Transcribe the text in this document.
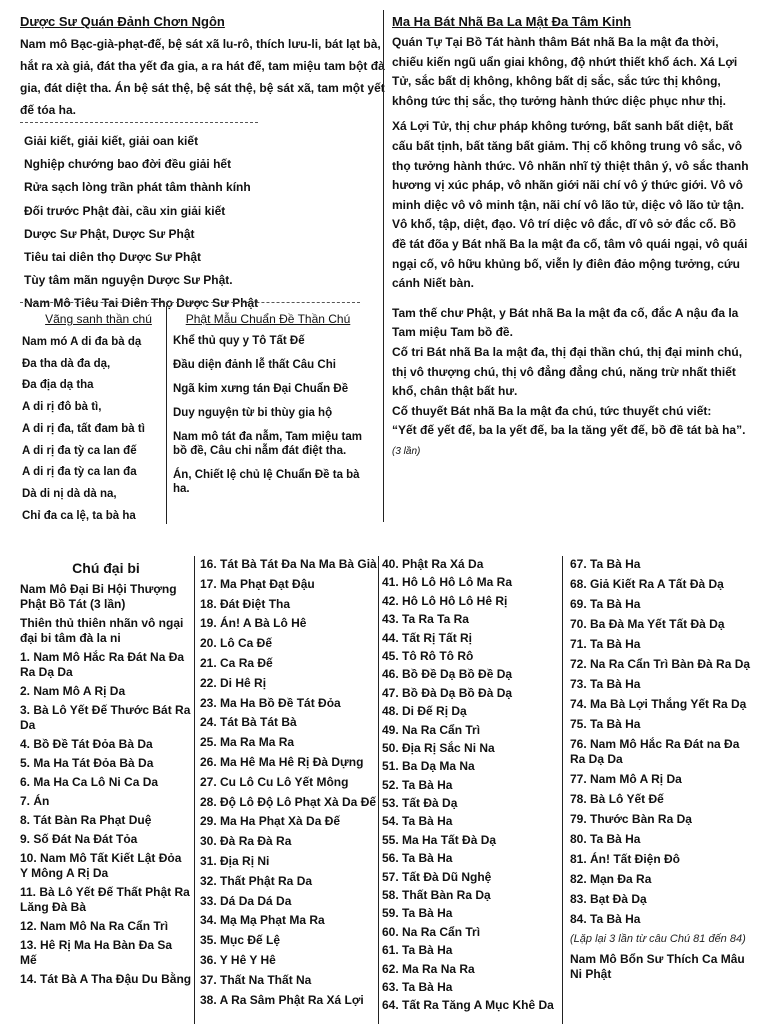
Dược Sư Quán Đảnh Chơn Ngôn
Nam mô Bạc-già-phạt-đế, bệ sát xã lu-rô, thích lưu-li, bát lạt bà, hắt ra xà giả, đát tha yết đa gia, a ra hát đế, tam miệu tam bột đà gia, đát diệt tha. Án bệ sát thệ, bệ sát thệ, bệ sát xã, tam một yết đế tóa ha.
Giải kiết, giải kiết, giải oan kiết
Nghiệp chướng bao đời đều giải hết
Rửa sạch lòng trần phát tâm thành kính
Đối trước Phật đài, cầu xin giải kiết
Dược Sư Phật, Dược Sư Phật
Tiêu tai diên thọ Dược Sư Phật
Tùy tâm mãn nguyện Dược Sư Phật.
Nam Mô Tiêu Tai Diên Thọ Dược Sư Phật
Vãng sanh thần chú	Phật Mẫu Chuẩn Đề Thần Chú
Nam mó A di đa bà dạ
Đa tha dà đa dạ,
Đa địa dạ tha
A di rị đô bà tì,
A di rị đa, tất đam bà tì
A di rị đa tỳ ca lan đế
A di rị đa tỳ ca lan đa
Dà di nị dà dà na,
Chỉ đa ca lệ, ta bà ha
Khể thủ quy y Tô Tất Đế
Đầu diện đảnh lễ thất Câu Chi
Ngã kim xưng tán Đại Chuẩn Đề
Duy nguyện từ bi thùy gia hộ
Nam mô tát đa nẫm, Tam miệu tam bồ đề, Câu chi nẫm đát điệt tha.
Án, Chiết lệ chủ lệ Chuẩn Đề ta bà ha.
Ma Ha Bát Nhã Ba La Mật Đa Tâm Kinh

Quán Tự Tại Bồ Tát hành thâm Bát nhã Ba la mật đa thời, chiếu kiến ngũ uẩn giai không, độ nhứt thiết khổ ách. Xá Lợi Tử, sắc bất dị không, không bất dị sắc, sắc tức thị không, không tức thị sắc, thọ tưởng hành thức diệc phục như thị.

Xá Lợi Tử, thị chư pháp không tướng, bất sanh bất diệt, bất cấu bất tịnh, bất tăng bất giảm. Thị cố không trung vô sắc, vô thọ tưởng hành thức. Vô nhãn nhĩ tỷ thiệt thân ý, vô sắc thanh hương vị xúc pháp, vô nhãn giới nãi chí vô ý thức giới. Vô vô minh diệc vô vô minh tận, nãi chí vô lão tử, diệc vô lão tử tận. Vô khổ, tập, diệt, đạo. Vô trí diệc vô đắc, dĩ vô sở đắc cố. Bồ đề tát đõa y Bát nhã Ba la mật đa cố, tâm vô quái ngại, vô quái ngại cố, vô hữu khủng bố, viễn ly điên đảo mộng tưởng, cứu cánh Niết bàn.

Tam thế chư Phật, y Bát nhã Ba la mật đa cố, đắc A nậu đa la Tam miệu Tam bồ đề.

Cố tri Bát nhã Ba la mật đa, thị đại thần chú, thị đại minh chú, thị vô thượng chú, thị vô đẳng đẳng chú, năng trừ nhất thiết khổ, chân thật bất hư.

Cố thuyết Bát nhã Ba la mật đa chú, tức thuyết chú viết:

“Yết đế yết đế, ba la yết đế, ba la tăng yết đế, bồ đề tát bà ha”. (3 lần)

Chú đại bi
Nam Mô Đại Bi Hội Thượng Phật Bồ Tát (3 lần)
Thiên thủ thiên nhãn vô ngại đại bi tâm đà la ni
1. Nam Mô Hắc Ra Đát Na Đa Ra Dạ Da
2. Nam Mô A Rị Da
3. Bà Lô Yết Đế Thước Bát Ra Da
4. Bồ Đề Tát Đỏa Bà Da
5. Ma Ha Tát Đỏa Bà Da
6. Ma Ha Ca Lô Ni Ca Da
7. Án
8. Tát Bàn Ra Phạt Duệ
9. Số Đát Na Đát Tỏa
10. Nam Mô Tất Kiết Lật Đỏa Y Mông A Rị Da
11. Bà Lô Yết Đế Thất Phật Ra Lăng Đà Bà
12. Nam Mô Na Ra Cẩn Trì
13. Hê Rị Ma Ha Bàn Đa Sa Mế
14. Tát Bà A Tha Đậu Du Bằng
16. Tát Bà Tát Đa Na Ma Bà Già
17. Ma Phạt Đạt Đậu
18. Đát Điệt Tha
19. Án! A Bà Lô Hê
20. Lô Ca Đế
21. Ca Ra Đế
22. Di Hê Rị
23. Ma Ha Bồ Đề Tát Đỏa
24. Tát Bà Tát Bà
25. Ma Ra Ma Ra
26. Ma Hê Ma Hê Rị Đà Dựng
27. Cu Lô Cu Lô Yết Mông
28. Độ Lô Độ Lô Phạt Xà Da Đế
29. Ma Ha Phạt Xà Da Đế
30. Đà Ra Đà Ra
31. Địa Rị Ni
32. Thất Phật Ra Da
33. Dá Da Dá Da
34. Mạ Mạ Phạt Ma Ra
35. Mục Đế Lệ
36. Y Hê Y Hê
37. Thất Na Thất Na
38. A Ra Sâm Phật Ra Xá Lợi
40. Phật Ra Xá Da
41. Hô Lô Hô Lô Ma Ra
42. Hô Lô Hô Lô Hê Rị
43. Ta Ra Ta Ra
44. Tất Rị Tất Rị
45. Tô Rô Tô Rô
46. Bồ Đề Dạ Bồ Đề Dạ
47. Bồ Đà Dạ Bồ Đà Dạ
48. Di Đế Rị Dạ
49. Na Ra Cẩn Trì
50. Địa Rị Sắc Ni Na
51. Ba Dạ Ma Na
52. Ta Bà Ha
53. Tất Đà Dạ
54. Ta Bà Ha
55. Ma Ha Tất Đà Dạ
56. Ta Bà Ha
57. Tất Đà Dũ Nghệ
58. Thất Bàn Ra Dạ
59. Ta Bà Ha
60. Na Ra Cẩn Trì
61. Ta Bà Ha
62. Ma Ra Na Ra
63. Ta Bà Ha
64. Tất Ra Tăng A Mục Khê Da
67. Ta Bà Ha
68. Giả Kiết Ra A Tất Đà Dạ
69. Ta Bà Ha
70. Ba Đà Ma Yết Tất Đà Dạ
71. Ta Bà Ha
72. Na Ra Cẩn Trì Bàn Đà Ra Dạ
73. Ta Bà Ha
74. Ma Bà Lợi Thắng Yết Ra Dạ
75. Ta Bà Ha
76. Nam Mô Hắc Ra Đát na Đa Ra Dạ Da
77. Nam Mô A Rị Da
78. Bà Lô Yết Đế
79. Thước Bàn Ra Dạ
80. Ta Bà Ha
81. Án! Tất Điện Đô
82. Mạn Đa Ra
83. Bạt Đà Dạ
84. Ta Bà Ha
(Lặp lại 3 lần từ câu Chú 81 đến 84)
Nam Mô Bổn Sư Thích Ca Mâu Ni Phật
